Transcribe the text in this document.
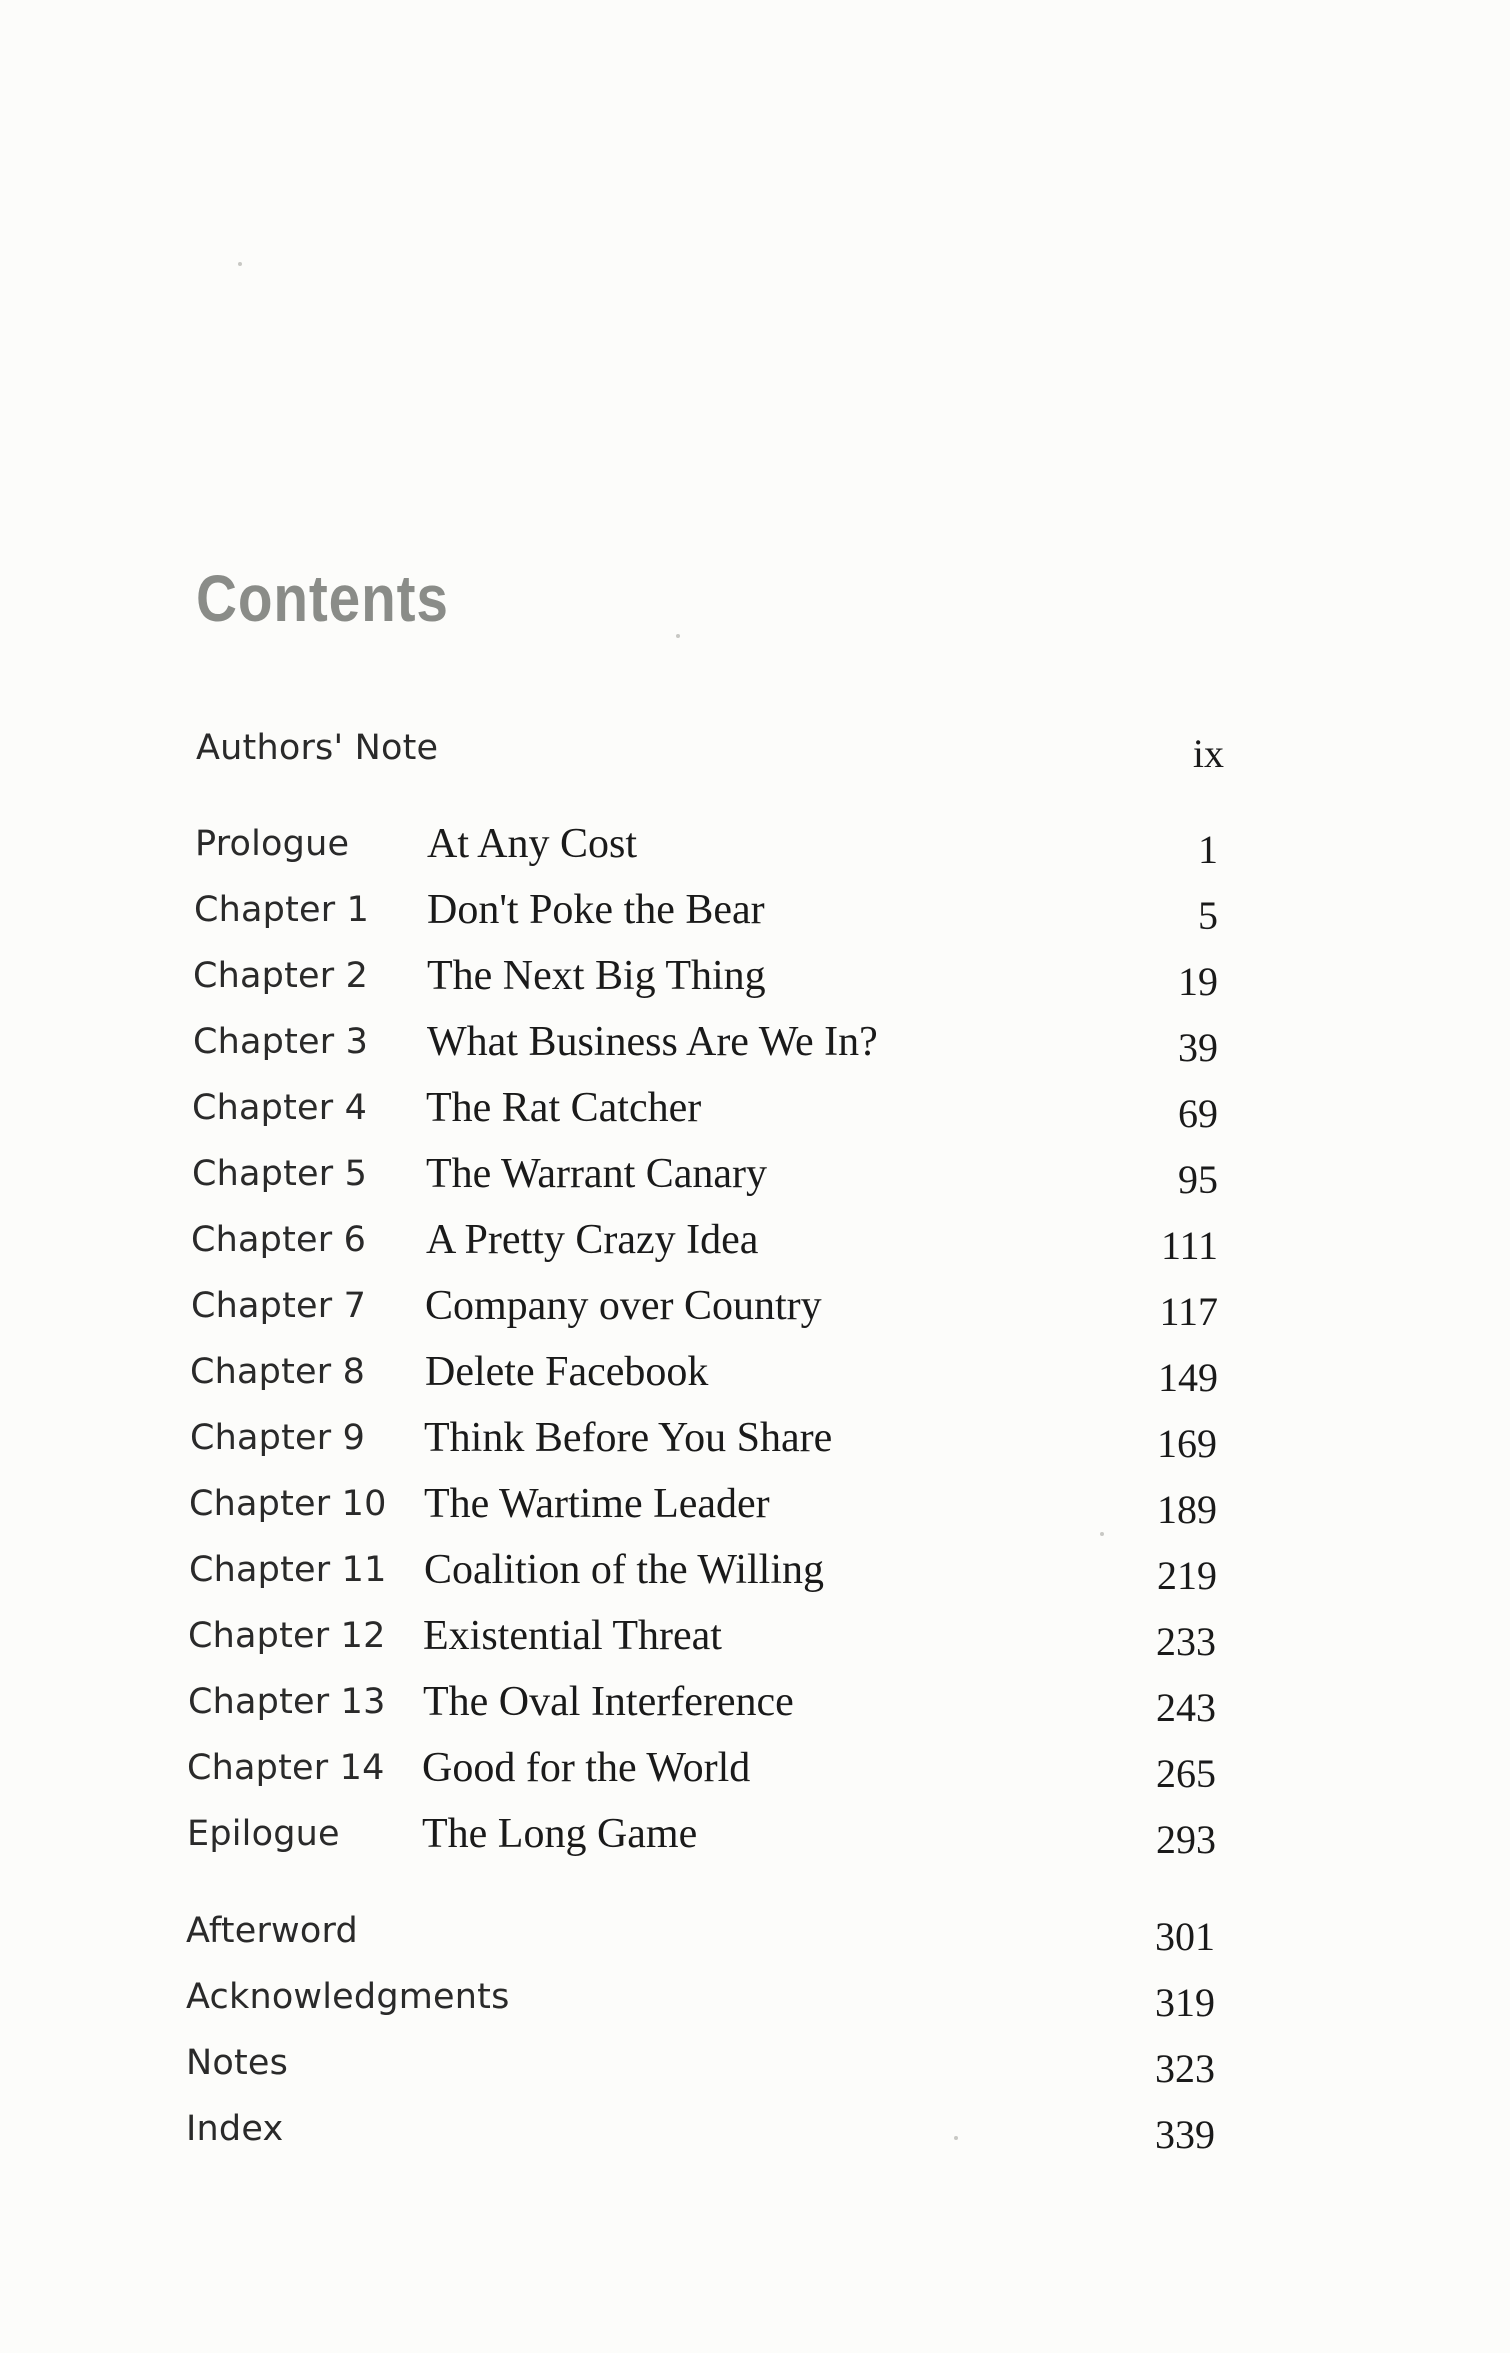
Contents
Authors' Note	ix
Prologue At Any Cost	1
Chapter 1 Don't Poke the Bear	5
Chapter 2 The Next Big Thing	19
Chapter 3 What Business Are We In?	39
Chapter 4 The Rat Catcher	69
Chapter 5 The Warrant Canary	95
Chapter 6 A Pretty Crazy Idea	111
Chapter 7 Company over Country	117
Chapter 8 Delete Facebook	149
Chapter 9 Think Before You Share	169
Chapter 10 The Wartime Leader	189
Chapter 11 Coalition of the Willing	219
Chapter 12 Existential Threat	233
Chapter 13 The Oval Interference	243
Chapter 14 Good for the World	265
Epilogue The Long Game	293
Afterword	301
Acknowledgments	319
Notes	323
Index	339
